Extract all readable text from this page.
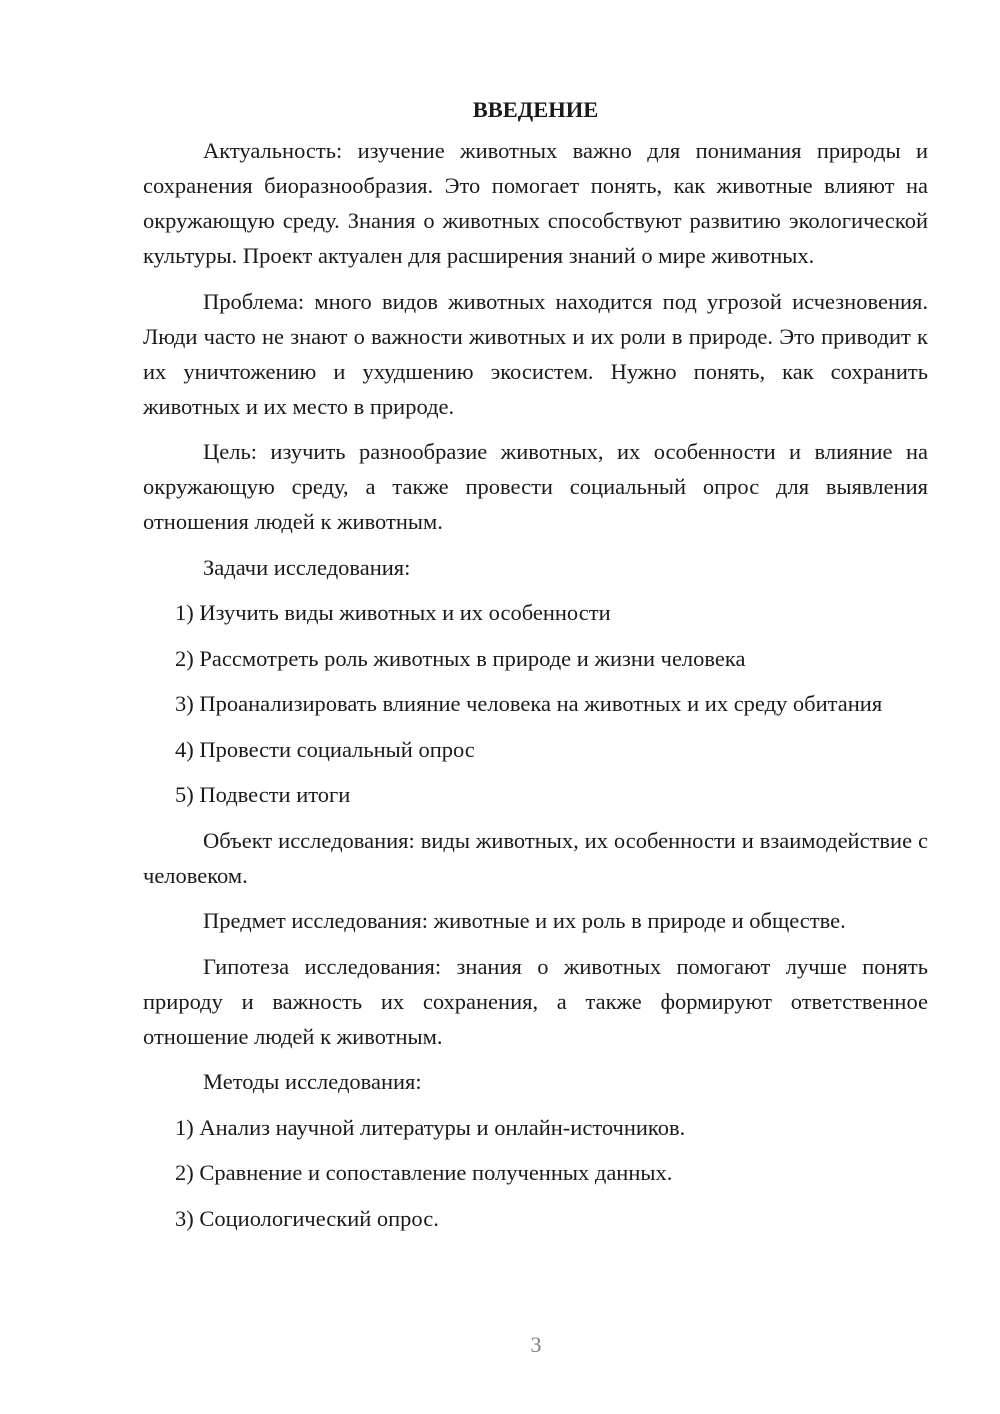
ВВЕДЕНИЕ

Актуальность: изучение животных важно для понимания природы и сохранения биоразнообразия. Это помогает понять, как животные влияют на окружающую среду. Знания о животных способствуют развитию экологической культуры. Проект актуален для расширения знаний о мире животных.

Проблема: много видов животных находится под угрозой исчезновения. Люди часто не знают о важности животных и их роли в природе. Это приводит к их уничтожению и ухудшению экосистем. Нужно понять, как сохранить животных и их место в природе.

Цель: изучить разнообразие животных, их особенности и влияние на окружающую среду, а также провести социальный опрос для выявления отношения людей к животным.

Задачи исследования:

1) Изучить виды животных и их особенности

2) Рассмотреть роль животных в природе и жизни человека

3) Проанализировать влияние человека на животных и их среду обитания

4) Провести социальный опрос

5) Подвести итоги

Объект исследования: виды животных, их особенности и взаимодействие с человеком.

Предмет исследования: животные и их роль в природе и обществе.

Гипотеза исследования: знания о животных помогают лучше понять природу и важность их сохранения, а также формируют ответственное отношение людей к животным.

Методы исследования:

1) Анализ научной литературы и онлайн-источников.

2) Сравнение и сопоставление полученных данных.

3) Социологический опрос.

3
